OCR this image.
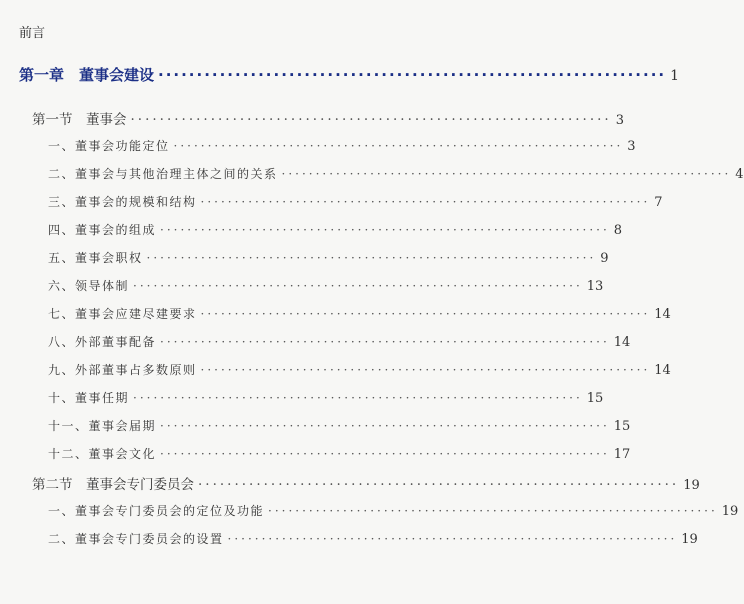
前言
第一章　董事会建设 ·································································· 1
第一节　董事会 ·································································· 3
一、董事会功能定位 ·································································· 3
二、董事会与其他治理主体之间的关系 ·································································· 4
三、董事会的规模和结构 ·································································· 7
四、董事会的组成 ·································································· 8
五、董事会职权 ·································································· 9
六、领导体制 ·································································· 13
七、董事会应建尽建要求 ·································································· 14
八、外部董事配备 ·································································· 14
九、外部董事占多数原则 ·································································· 14
十、董事任期 ·································································· 15
十一、董事会届期 ·································································· 15
十二、董事会文化 ·································································· 17
第二节　董事会专门委员会 ·································································· 19
一、董事会专门委员会的定位及功能 ·································································· 19
二、董事会专门委员会的设置 ·································································· 19
